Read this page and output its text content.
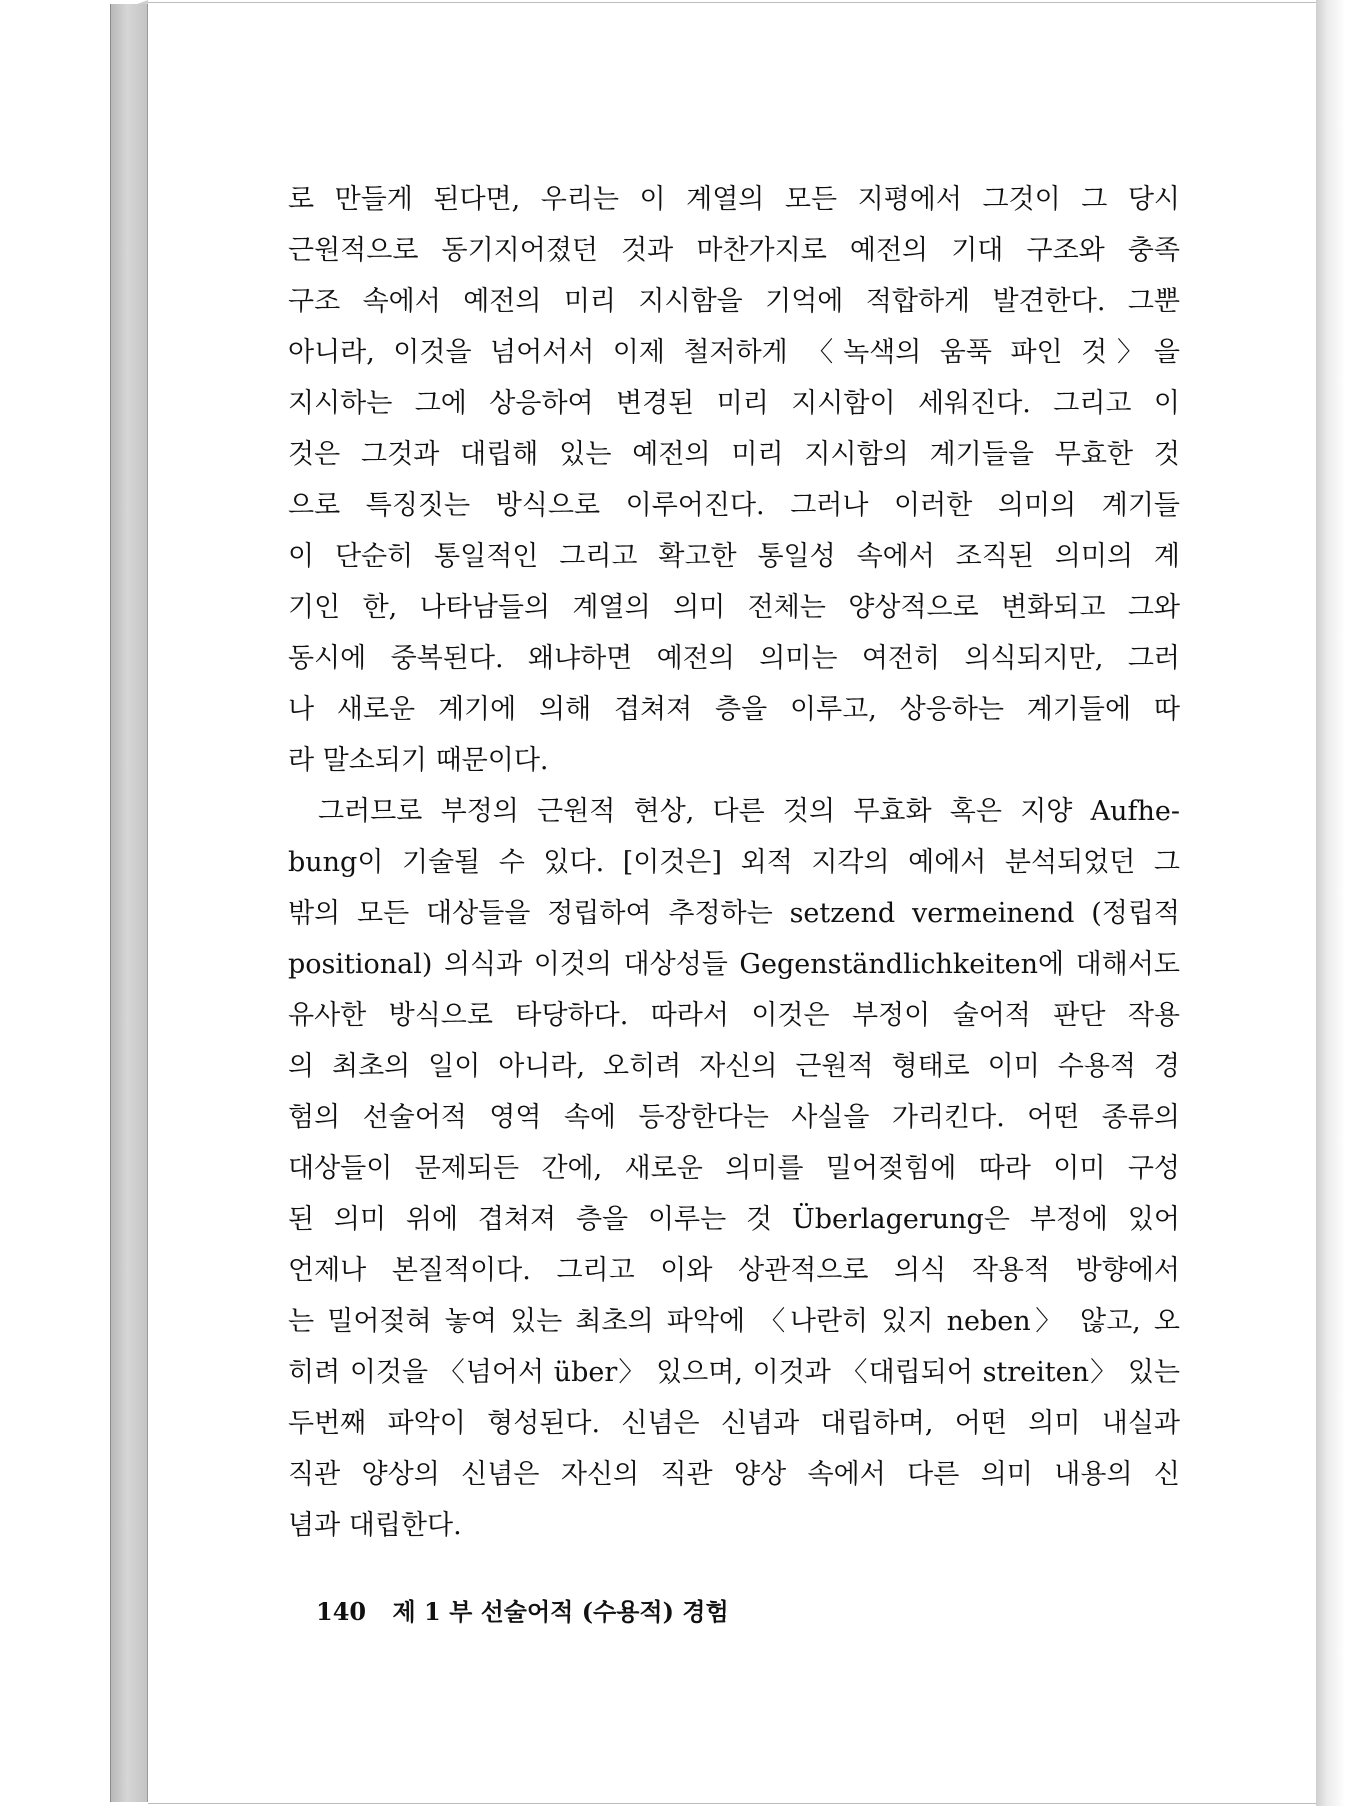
로 만들게 된다면, 우리는 이 계열의 모든 지평에서 그것이 그 당시
근원적으로 동기지어졌던 것과 마찬가지로 예전의 기대 구조와 충족
구조 속에서 예전의 미리 지시함을 기억에 적합하게 발견한다. 그뿐
아니라, 이것을 넘어서서 이제 철저하게 〈녹색의 움푹 파인 것〉을
지시하는 그에 상응하여 변경된 미리 지시함이 세워진다. 그리고 이
것은 그것과 대립해 있는 예전의 미리 지시함의 계기들을 무효한 것
으로 특징짓는 방식으로 이루어진다. 그러나 이러한 의미의 계기들
이 단순히 통일적인 그리고 확고한 통일성 속에서 조직된 의미의 계
기인 한, 나타남들의 계열의 의미 전체는 양상적으로 변화되고 그와
동시에 중복된다. 왜냐하면 예전의 의미는 여전히 의식되지만, 그러
나 새로운 계기에 의해 겹쳐져 층을 이루고, 상응하는 계기들에 따
라 말소되기 때문이다.
그러므로 부정의 근원적 현상, 다른 것의 무효화 혹은 지양 Aufhe-
bung이 기술될 수 있다. [이것은] 외적 지각의 예에서 분석되었던 그
밖의 모든 대상들을 정립하여 추정하는 setzend vermeinend (정립적
positional) 의식과 이것의 대상성들 Gegenständlichkeiten에 대해서도
유사한 방식으로 타당하다. 따라서 이것은 부정이 술어적 판단 작용
의 최초의 일이 아니라, 오히려 자신의 근원적 형태로 이미 수용적 경
험의 선술어적 영역 속에 등장한다는 사실을 가리킨다. 어떤 종류의
대상들이 문제되든 간에, 새로운 의미를 밀어젖힘에 따라 이미 구성
된 의미 위에 겹쳐져 층을 이루는 것 Überlagerung은 부정에 있어
언제나 본질적이다. 그리고 이와 상관적으로 의식 작용적 방향에서
는 밀어젖혀 놓여 있는 최초의 파악에 〈나란히 있지 neben〉 않고, 오
히려 이것을 〈넘어서 über〉 있으며, 이것과 〈대립되어 streiten〉 있는
두번째 파악이 형성된다. 신념은 신념과 대립하며, 어떤 의미 내실과
직관 양상의 신념은 자신의 직관 양상 속에서 다른 의미 내용의 신
념과 대립한다.
140 제 1 부 선술어적 (수용적) 경험
